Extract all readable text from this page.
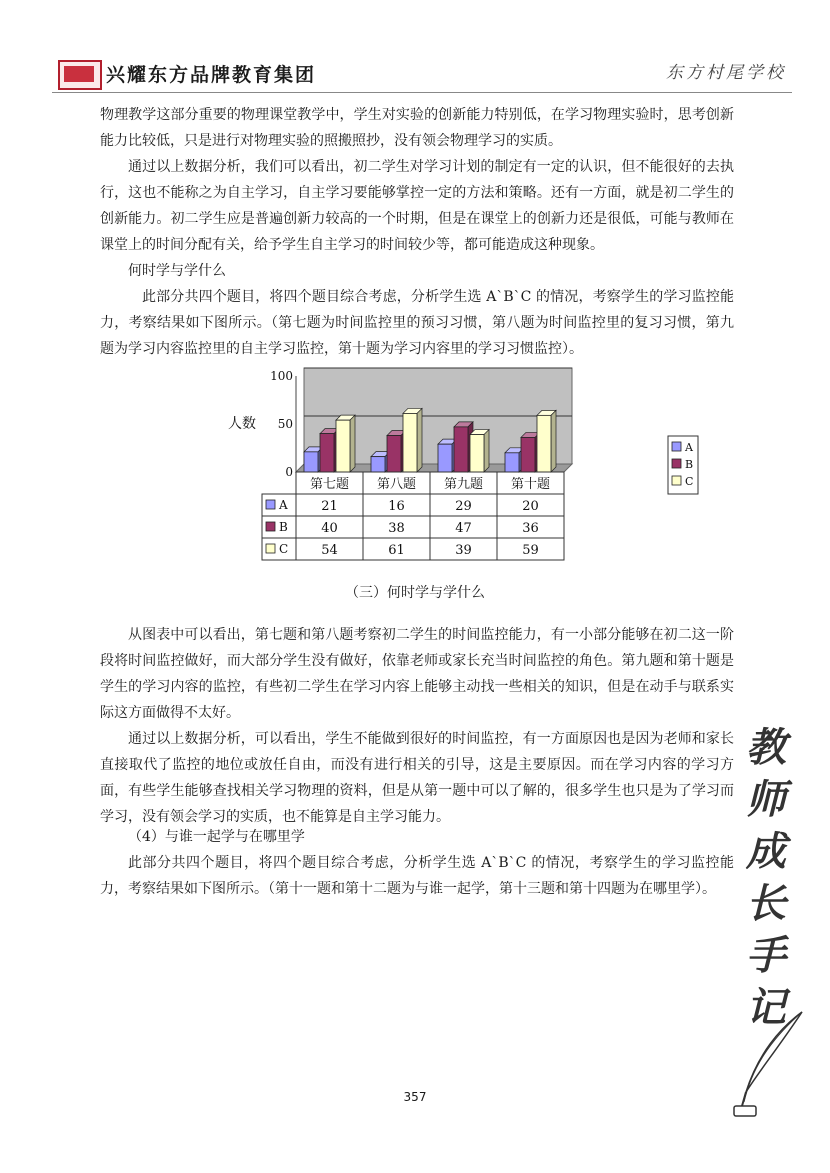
兴耀东方品牌教育集团	东方村尾学校

物理教学这部分重要的物理课堂教学中，学生对实验的创新能力特别低，在学习物理实验时，思考创新能力比较低，只是进行对物理实验的照搬照抄，没有领会物理学习的实质。

通过以上数据分析，我们可以看出，初二学生对学习计划的制定有一定的认识，但不能很好的去执行，这也不能称之为自主学习，自主学习要能够掌控一定的方法和策略。还有一方面，就是初二学生的创新能力。初二学生应是普遍创新力较高的一个时期，但是在课堂上的创新力还是很低，可能与教师在课堂上的时间分配有关，给予学生自主学习的时间较少等，都可能造成这种现象。

何时学与学什么

此部分共四个题目，将四个题目综合考虑，分析学生选 A`B`C 的情况，考察学生的学习监控能力，考察结果如下图所示。（第七题为时间监控里的预习习惯，第八题为时间监控里的复习习惯，第九题为学习内容监控里的自主学习监控，第十题为学习内容里的学习习惯监控）。

0
50
100
人数
第七题 第八题 第九题 第十题
A	21	16	29	20
B	40	38	47	36
C	54	61	39	59
A
B
C
（三）何时学与学什么

从图表中可以看出，第七题和第八题考察初二学生的时间监控能力，有一小部分能够在初二这一阶段将时间监控做好，而大部分学生没有做好，依靠老师或家长充当时间监控的角色。第九题和第十题是学生的学习内容的监控，有些初二学生在学习内容上能够主动找一些相关的知识，但是在动手与联系实际这方面做得不太好。

通过以上数据分析，可以看出，学生不能做到很好的时间监控，有一方面原因也是因为老师和家长直接取代了监控的地位或放任自由，而没有进行相关的引导，这是主要原因。而在学习内容的学习方面，有些学生能够查找相关学习物理的资料，但是从第一题中可以了解的，很多学生也只是为了学习而学习，没有领会学习的实质，也不能算是自主学习能力。

（4）与谁一起学与在哪里学

此部分共四个题目，将四个题目综合考虑，分析学生选 A`B`C 的情况，考察学生的学习监控能力，考察结果如下图所示。（第十一题和第十二题为与谁一起学，第十三题和第十四题为在哪里学）。

教
师
成
长
手
记
357
